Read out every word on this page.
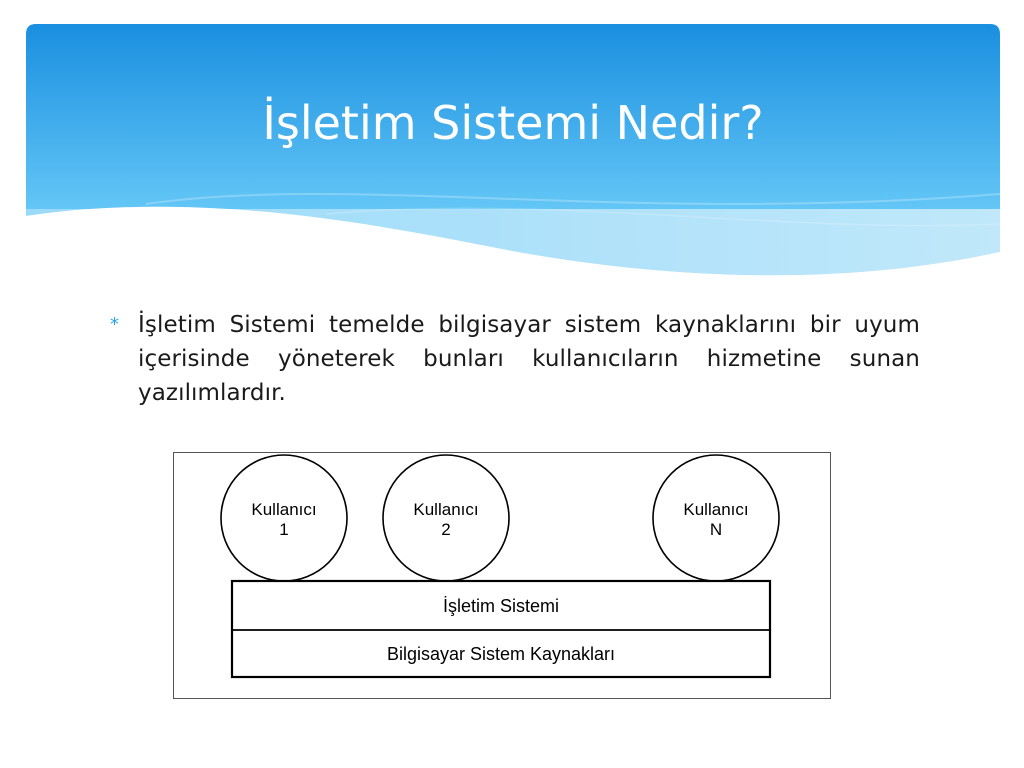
İşletim Sistemi Nedir?
* İşletim Sistemi temelde bilgisayar sistem kaynaklarını bir uyum içerisinde yöneterek bunları kullanıcıların hizmetine sunan yazılımlardır.
Kullanıcı
1
Kullanıcı
2
Kullanıcı
N
İşletim Sistemi
Bilgisayar Sistem Kaynakları
